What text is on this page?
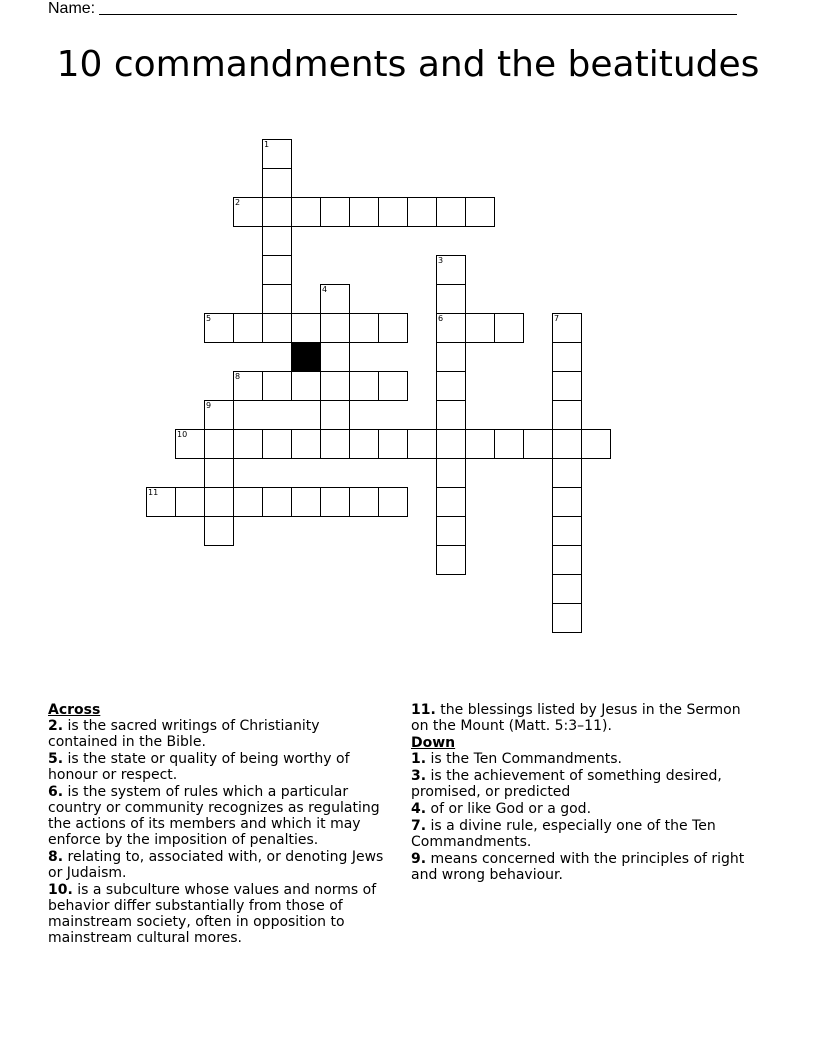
Name:
10 commandments and the beatitudes
1
2
3
6
4
5	7
8
9
10
11
Across
2. is the sacred writings of Christianity contained in the Bible.
5. is the state or quality of being worthy of honour or respect.
6. is the system of rules which a particular country or community recognizes as regulating the actions of its members and which it may enforce by the imposition of penalties.
8. relating to, associated with, or denoting Jews or Judaism.
10. is a subculture whose values and norms of behavior differ substantially from those of mainstream society, often in opposition to mainstream cultural mores.
11. the blessings listed by Jesus in the Sermon on the Mount (Matt. 5:3–11).
Down
1. is the Ten Commandments.
3. is the achievement of something desired, promised, or predicted
4. of or like God or a god.
7. is a divine rule, especially one of the Ten Commandments.
9. means concerned with the principles of right and wrong behaviour.
